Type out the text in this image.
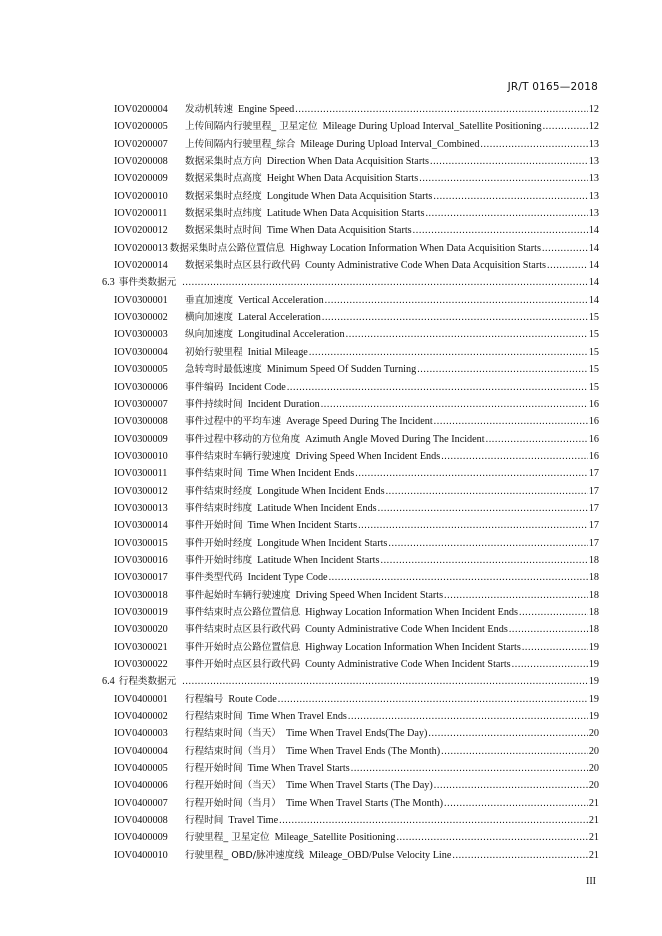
JR/T 0165—2018
IOV0200004	发动机转速 Engine Speed .....	12
IOV0200005	上传间隔内行驶里程_ 卫星定位 Mileage During Upload Interval_Satellite Positioning .....	12
IOV0200007	上传间隔内行驶里程_综合 Mileage During Upload Interval_Combined .....	13
IOV0200008	数据采集时点方向 Direction When Data Acquisition Starts .....	13
IOV0200009	数据采集时点高度 Height When Data Acquisition Starts .....	13
IOV0200010	数据采集时点经度 Longitude When Data Acquisition Starts .....	13
IOV0200011	数据采集时点纬度 Latitude When Data Acquisition Starts .....	13
IOV0200012	数据采集时点时间 Time When Data Acquisition Starts .....	14
IOV0200013 数据采集时点公路位置信息 Highway Location Information When Data Acquisition Starts .....	14
IOV0200014	数据采集时点区县行政代码 County Administrative Code When Data Acquisition Starts .....	14
6.3 事件类数据元 .....	14
IOV0300001	垂直加速度 Vertical Acceleration .....	14
IOV0300002	横向加速度 Lateral Acceleration .....	15
IOV0300003	纵向加速度 Longitudinal Acceleration .....	15
IOV0300004	初始行驶里程 Initial Mileage .....	15
IOV0300005	急转弯时最低速度 Minimum Speed Of Sudden Turning .....	15
IOV0300006	事件编码 Incident Code .....	15
IOV0300007	事件持续时间 Incident Duration .....	16
IOV0300008	事件过程中的平均车速 Average Speed During The Incident .....	16
IOV0300009	事件过程中移动的方位角度 Azimuth Angle Moved During The Incident .....	16
IOV0300010	事件结束时车辆行驶速度 Driving Speed When Incident Ends .....	16
IOV0300011	事件结束时间 Time When Incident Ends .....	17
IOV0300012	事件结束时经度 Longitude When Incident Ends .....	17
IOV0300013	事件结束时纬度 Latitude When Incident Ends .....	17
IOV0300014	事件开始时间 Time When Incident Starts .....	17
IOV0300015	事件开始时经度 Longitude When Incident Starts .....	17
IOV0300016	事件开始时纬度 Latitude When Incident Starts .....	18
IOV0300017	事件类型代码 Incident Type Code .....	18
IOV0300018	事件起始时车辆行驶速度 Driving Speed When Incident Starts .....	18
IOV0300019	事件结束时点公路位置信息 Highway Location Information When Incident Ends .....	18
IOV0300020	事件结束时点区县行政代码 County Administrative Code When Incident Ends .....	18
IOV0300021	事件开始时点公路位置信息 Highway Location Information When Incident Starts .....	19
IOV0300022	事件开始时点区县行政代码 County Administrative Code When Incident Starts .....	19
6.4 行程类数据元 .....	19
IOV0400001	行程编号 Route Code .....	19
IOV0400002	行程结束时间 Time When Travel Ends .....	19
IOV0400003	行程结束时间（当天） Time When Travel Ends(The Day) .....	20
IOV0400004	行程结束时间（当月） Time When Travel Ends (The Month) .....	20
IOV0400005	行程开始时间 Time When Travel Starts .....	20
IOV0400006	行程开始时间（当天） Time When Travel Starts (The Day) .....	20
IOV0400007	行程开始时间（当月） Time When Travel Starts (The Month) .....	21
IOV0400008	行程时间 Travel Time .....	21
IOV0400009	行驶里程_ 卫星定位 Mileage_Satellite Positioning .....	21
IOV0400010	行驶里程_ OBD/脉冲速度线 Mileage_OBD/Pulse Velocity Line .....	21
III
